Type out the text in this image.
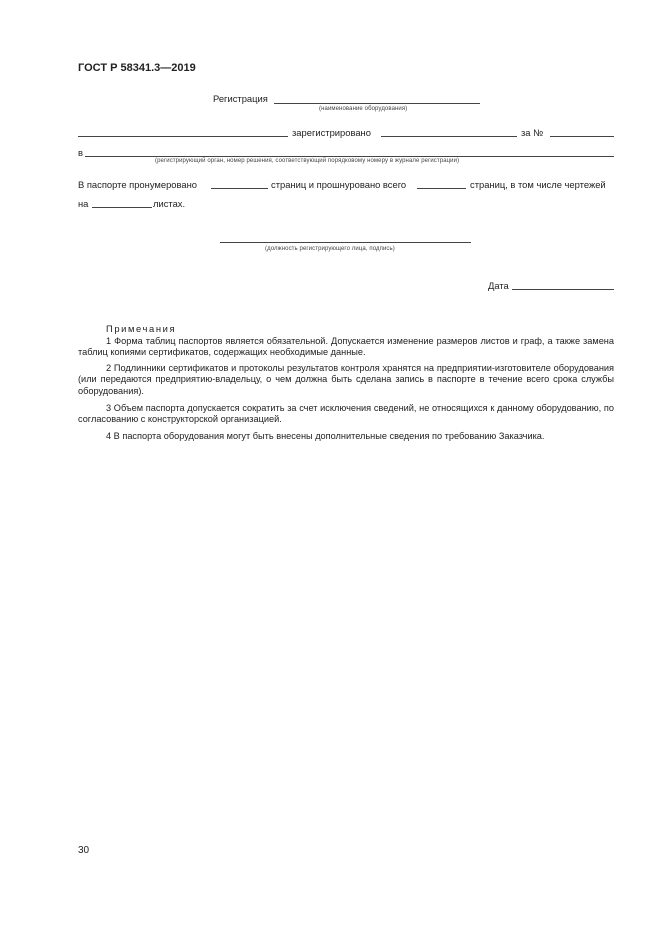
ГОСТ Р 58341.3—2019
Регистрация
(наименование оборудования)
зарегистрировано	за №
в
(регистрирующий орган, номер решения, соответствующий порядковому номеру в журнале регистрации)
В паспорте пронумеровано	страниц и прошнуровано всего	страниц, в том числе чертежей
на	листах.
(должность регистрирующего лица, подпись)
Дата
Примечания
1 Форма таблиц паспортов является обязательной. Допускается изменение размеров листов и граф, а также замена таблиц копиями сертификатов, содержащих необходимые данные.
2 Подлинники сертификатов и протоколы результатов контроля хранятся на предприятии-изготовителе оборудования (или передаются предприятию-владельцу, о чем должна быть сделана запись в паспорте в течение всего срока службы оборудования).
3 Объем паспорта допускается сократить за счет исключения сведений, не относящихся к данному оборудованию, по согласованию с конструкторской организацией.
4 В паспорта оборудования могут быть внесены дополнительные сведения по требованию Заказчика.
30
